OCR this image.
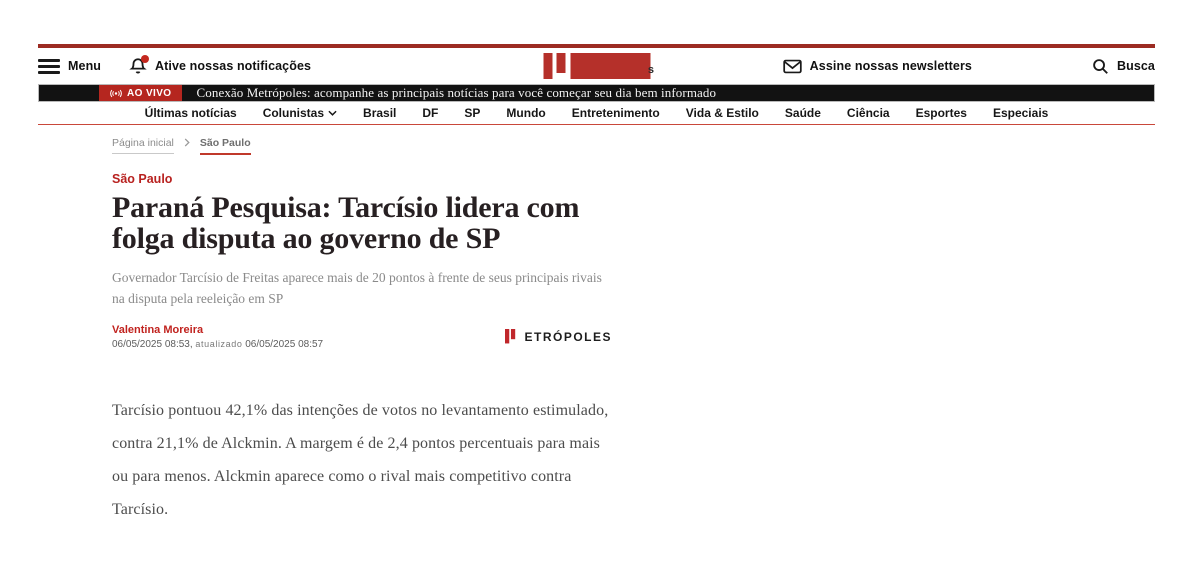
Menu	Ative nossas notificações	s	Assine nossas newsletters	Busca
AO VIVO Conexão Metrópoles: acompanhe as principais notícias para você começar seu dia bem informado
Últimas notícias Colunistas	Brasil DF SP Mundo Entretenimento Vida & Estilo Saúde Ciência Esportes Especiais
Página inicial São Paulo
São Paulo
Paraná Pesquisa: Tarcísio lidera com folga disputa ao governo de SP

Governador Tarcísio de Freitas aparece mais de 20 pontos à frente de seus principais rivais na disputa pela reeleição em SP

Valentina Moreira
06/05/2025 08:53, atualizado 06/05/2025 08:57
ETRÓPOLES

Tarcísio pontuou 42,1% das intenções de votos no levantamento estimulado, contra 21,1% de Alckmin. A margem é de 2,4 pontos percentuais para mais ou para menos. Alckmin aparece como o rival mais competitivo contra Tarcísio.
